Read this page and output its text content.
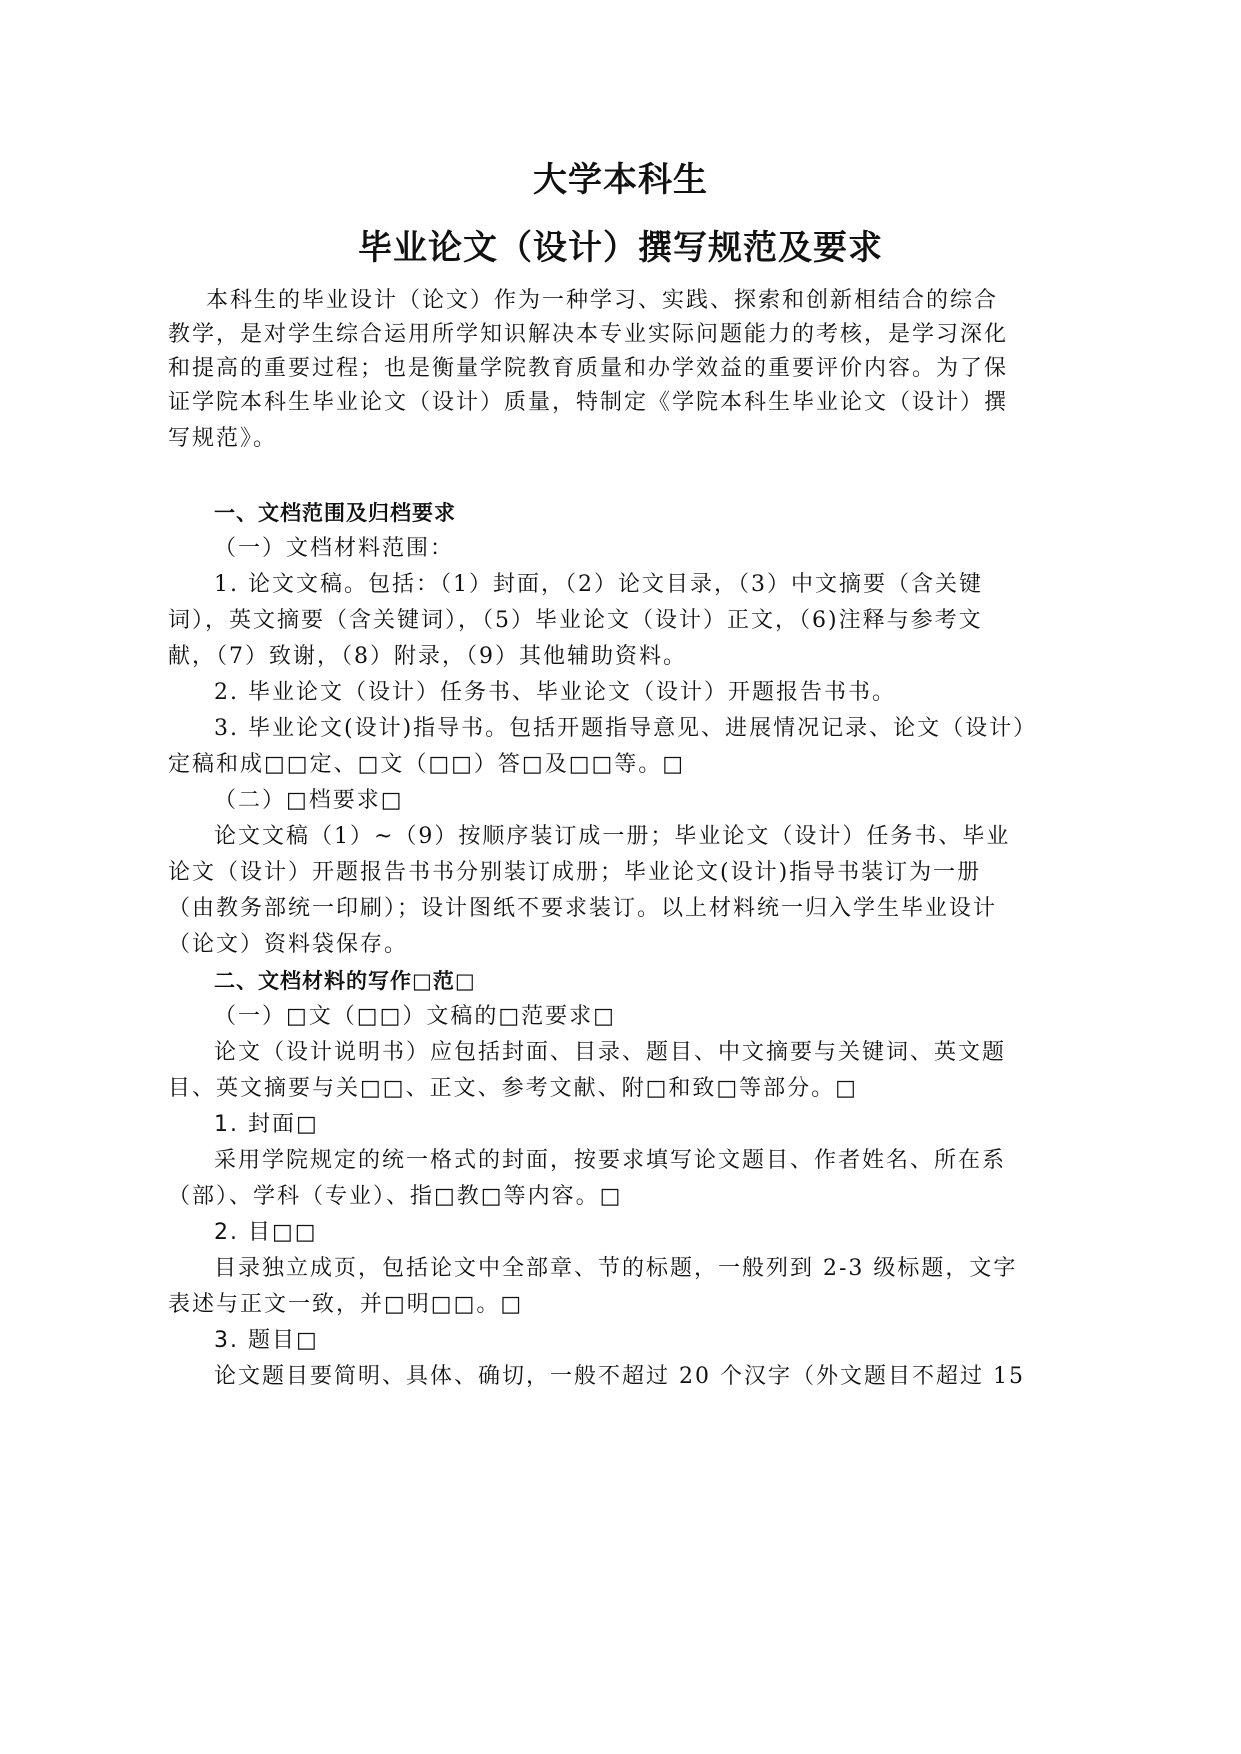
大学本科生
毕业论文（设计）撰写规范及要求
本科生的毕业设计（论文）作为一种学习、实践、探索和创新相结合的综合
教学，是对学生综合运用所学知识解决本专业实际问题能力的考核，是学习深化
和提高的重要过程；也是衡量学院教育质量和办学效益的重要评价内容。为了保
证学院本科生毕业论文（设计）质量，特制定《学院本科生毕业论文（设计）撰
写规范》。
一、文档范围及归档要求
（一）文档材料范围：
1. 论文文稿。包括：（1）封面，（2）论文目录，（3）中文摘要（含关键
词），英文摘要（含关键词），（5）毕业论文（设计）正文，（6)注释与参考文
献，（7）致谢，（8）附录，（9）其他辅助资料。
2. 毕业论文（设计）任务书、毕业论文（设计）开题报告书书。
3. 毕业论文(设计)指导书。包括开题指导意见、进展情况记录、论文（设计）
定稿和成□□定、□文（□□）答□及□□等。□
（二）□档要求□
论文文稿（1）~（9）按顺序装订成一册；毕业论文（设计）任务书、毕业
论文（设计）开题报告书书分别装订成册；毕业论文(设计)指导书装订为一册
（由教务部统一印刷）；设计图纸不要求装订。以上材料统一归入学生毕业设计
（论文）资料袋保存。
二、文档材料的写作□范□
（一）□文（□□）文稿的□范要求□
论文（设计说明书）应包括封面、目录、题目、中文摘要与关键词、英文题
目、英文摘要与关□□、正文、参考文献、附□和致□等部分。□
1. 封面□
采用学院规定的统一格式的封面，按要求填写论文题目、作者姓名、所在系
（部）、学科（专业）、指□教□等内容。□
2. 目□□
目录独立成页，包括论文中全部章、节的标题，一般列到 2-3 级标题，文字
表述与正文一致，并□明□□。□
3. 题目□
论文题目要简明、具体、确切，一般不超过 20 个汉字（外文题目不超过 15
